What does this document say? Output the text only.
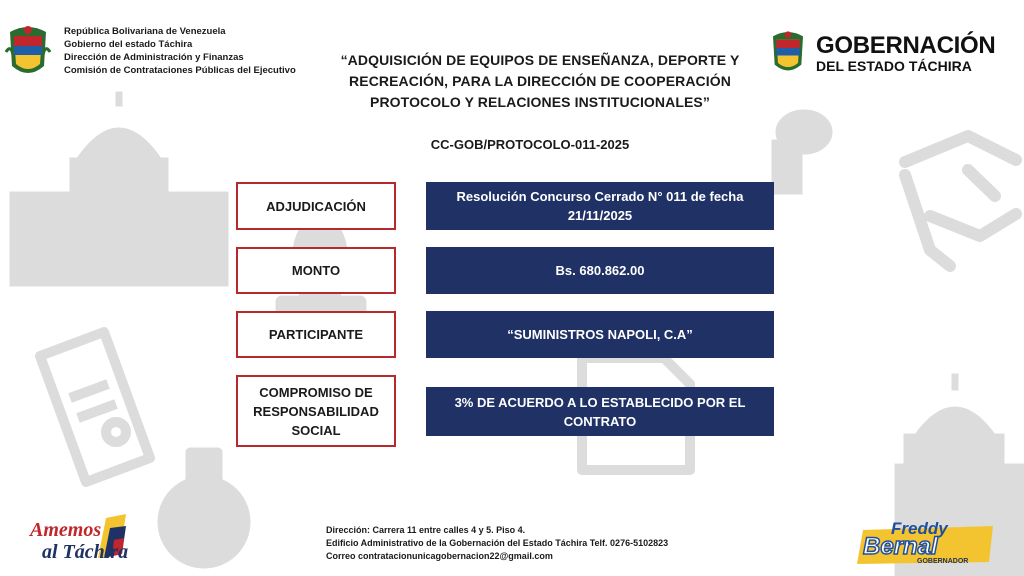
República Bolivariana de Venezuela
Gobierno del estado Táchira
Dirección de Administración y Finanzas
Comisión de Contrataciones Públicas del Ejecutivo
“ADQUISICIÓN DE EQUIPOS DE ENSEÑANZA, DEPORTE Y RECREACIÓN, PARA LA DIRECCIÓN DE COOPERACIÓN PROTOCOLO Y RELACIONES INSTITUCIONALES”
CC-GOB/PROTOCOLO-011-2025
GOBERNACIÓN
DEL ESTADO TÁCHIRA
ADJUDICACIÓN
Resolución Concurso Cerrado N° 011 de fecha 21/11/2025
MONTO	Bs. 680.862.00
PARTICIPANTE	“SUMINISTROS NAPOLI, C.A”
COMPROMISO DE RESPONSABILIDAD SOCIAL
3% DE ACUERDO A LO ESTABLECIDO POR EL CONTRATO
Dirección: Carrera 11 entre calles 4 y 5. Piso 4.
Edificio Administrativo de la Gobernación del Estado Táchira Telf. 0276-5102823
Correo contratacionunicagobernacion22@gmail.com
Amemos
al Táchira
Freddy
Bernal
GOBERNADOR
